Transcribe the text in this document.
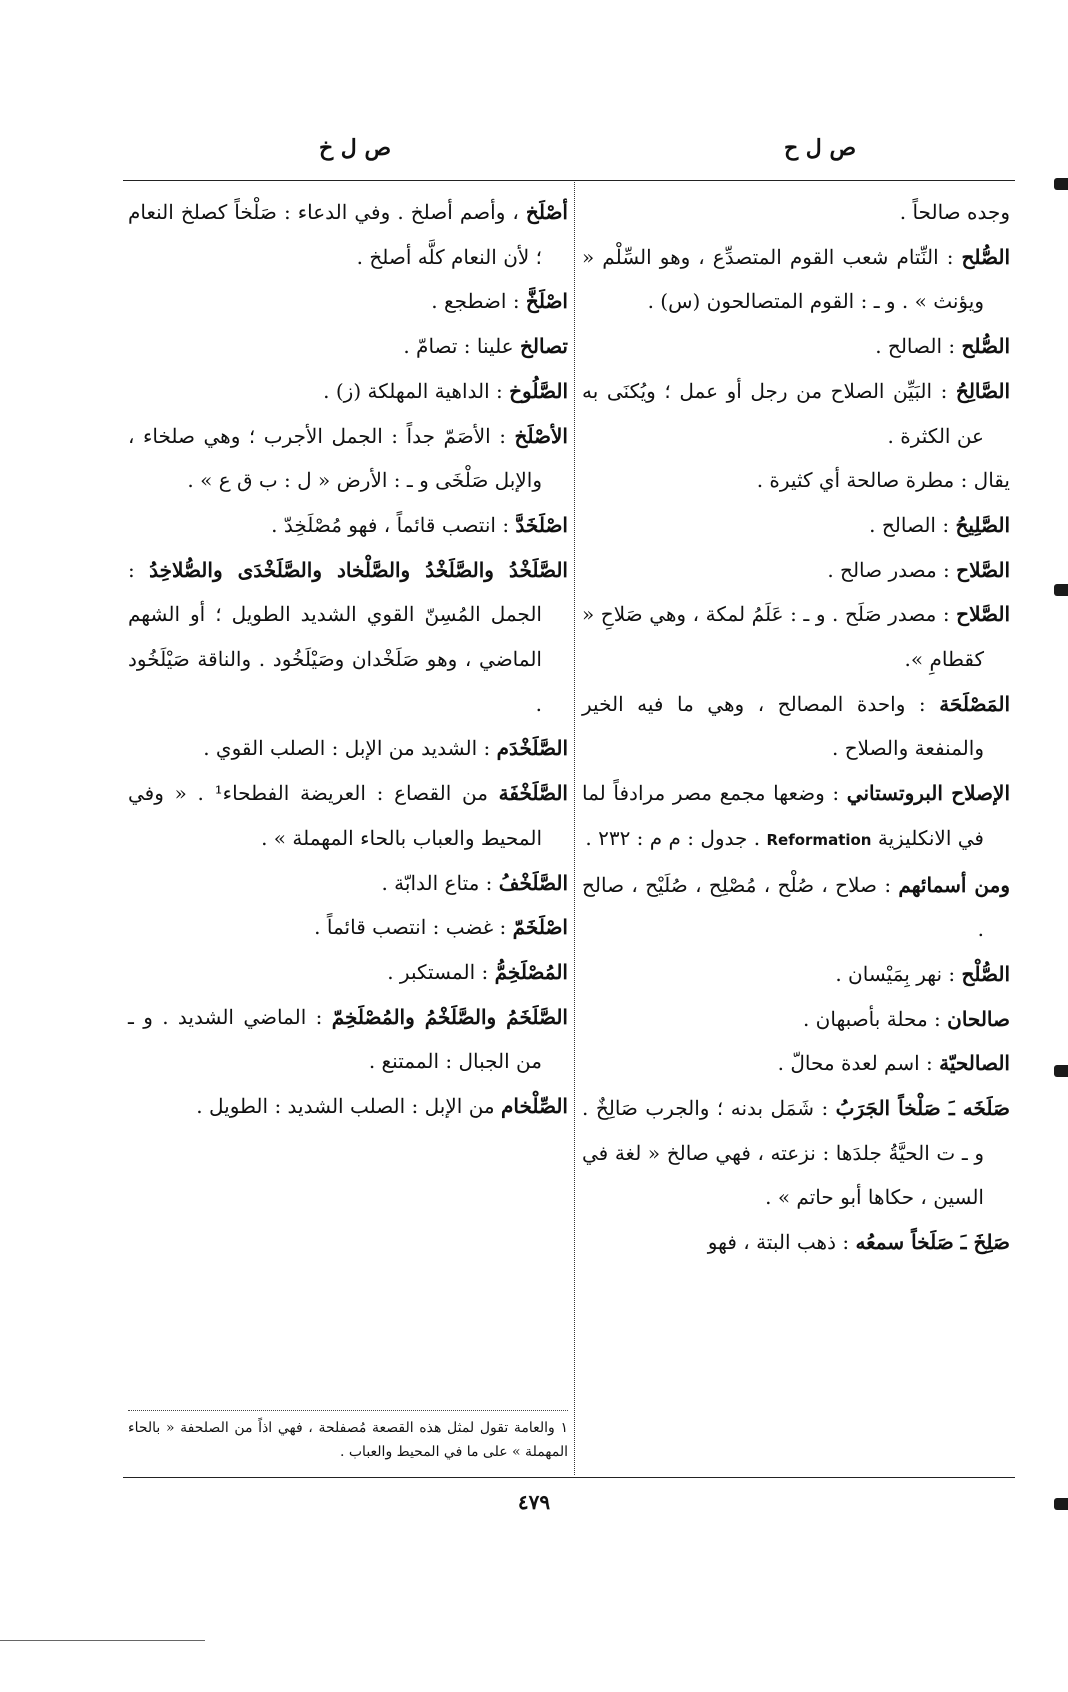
ص ل ح
ص ل خ
وجده صالحاً .
الصُّلح : النِّتام شعب القوم المتصدِّع ، وهو السِّلْم « ويؤنث » . و ـ : القوم المتصالحون (س) .
الصُّلح : الصالح .
الصَّالِحُ : البَيِّن الصلاح من رجل أو عمل ؛ ويُكنَى به عن الكثرة .
يقال : مطرة صالحة أي كثيرة .
الصَّلِيحُ : الصالح .
الصَّلاح : مصدر صالح .
الصَّلاح : مصدر صَلَح . و ـ : عَلَمُ لمكة ، وهي صَلاحِ « كقطامِ ».
المَصْلَحَة : واحدة المصالح ، وهي ما فيه الخير والمنفعة والصلاح .
الإصلاح البروتستاني : وضعها مجمع مصر مرادفاً لما في الانكليزية Reformation . جدول : م م : ٢٣٢ .
ومن أسمائهم : صلاح ، صُلْح ، مُصْلِح ، صُلَيْح ، صالح .
الصُّلْح : نهر بِمَيْسان .
صالحان : محلة بأصبهان .
الصالحيّة : اسم لعدة محالّ .
صَلَخَه ـَ صَلْخاً الجَرَبُ : شَمَل بدنه ؛ والجرب صَالِخٌ . و ـ ت الحيَّةُ جلدَها : نزعته ، فهي صالخ « لغة في السين ، حكاها أبو حاتم » .
صَلِخَ ـَ صَلَخاً سمعُه : ذهب البتة ، فهو
أصْلَخ ، وأصم أصلخ . وفي الدعاء : صَلْخاً كصلخ النعام ؛ لأن النعام كلَّه أصلخ .
اصْلَخَّ : اضطجع .
تصالخ علينا : تصامّ .
الصَّلُوخ : الداهية المهلكة (ز) .
الأصْلَخ : الأصَمّ جداً : الجمل الأجرب ؛ وهي صلخاء ، والإبل صَلْخَى و ـ : الأرض « ل : ب ق ع » .
اصْلَخَدَّ : انتصب قائماً ، فهو مُصْلَخِدّ .
الصَّلَخْدُ والصَّلَخْدُ والصَّلْخاد والصَّلَخْدَى والصُّلاخِدُ : الجمل المُسِنّ القوي الشديد الطويل ؛ أو الشهم الماضي ، وهو صَلَخْدان وصَيْلَخُود . والناقة صَيْلَخُود .
الصَّلَخْدَم : الشديد من الإبل : الصلب القوي .
الصَّلَخْفَة من القصاع : العريضة الفطحاء¹ . « وفي المحيط والعباب بالحاء المهملة » .
الصَّلَخْفُ : متاع الدابّة .
اصْلَخَمّ : غضب : انتصب قائماً .
المُصْلَخِمُّ : المستكبر .
الصَّلَخَمُ والصَّلَخْمُ والمُصْلَخِمّ : الماضي الشديد . و ـ من الجبال : الممتنع .
الصِّلْخام من الإبل : الصلب الشديد : الطويل .
١ والعامة تقول لمثل هذه القصعة مُصفلحة ، فهي اذاً من الصلحفة « بالحاء المهملة » على ما في المحيط والعباب .
٤٧٩
